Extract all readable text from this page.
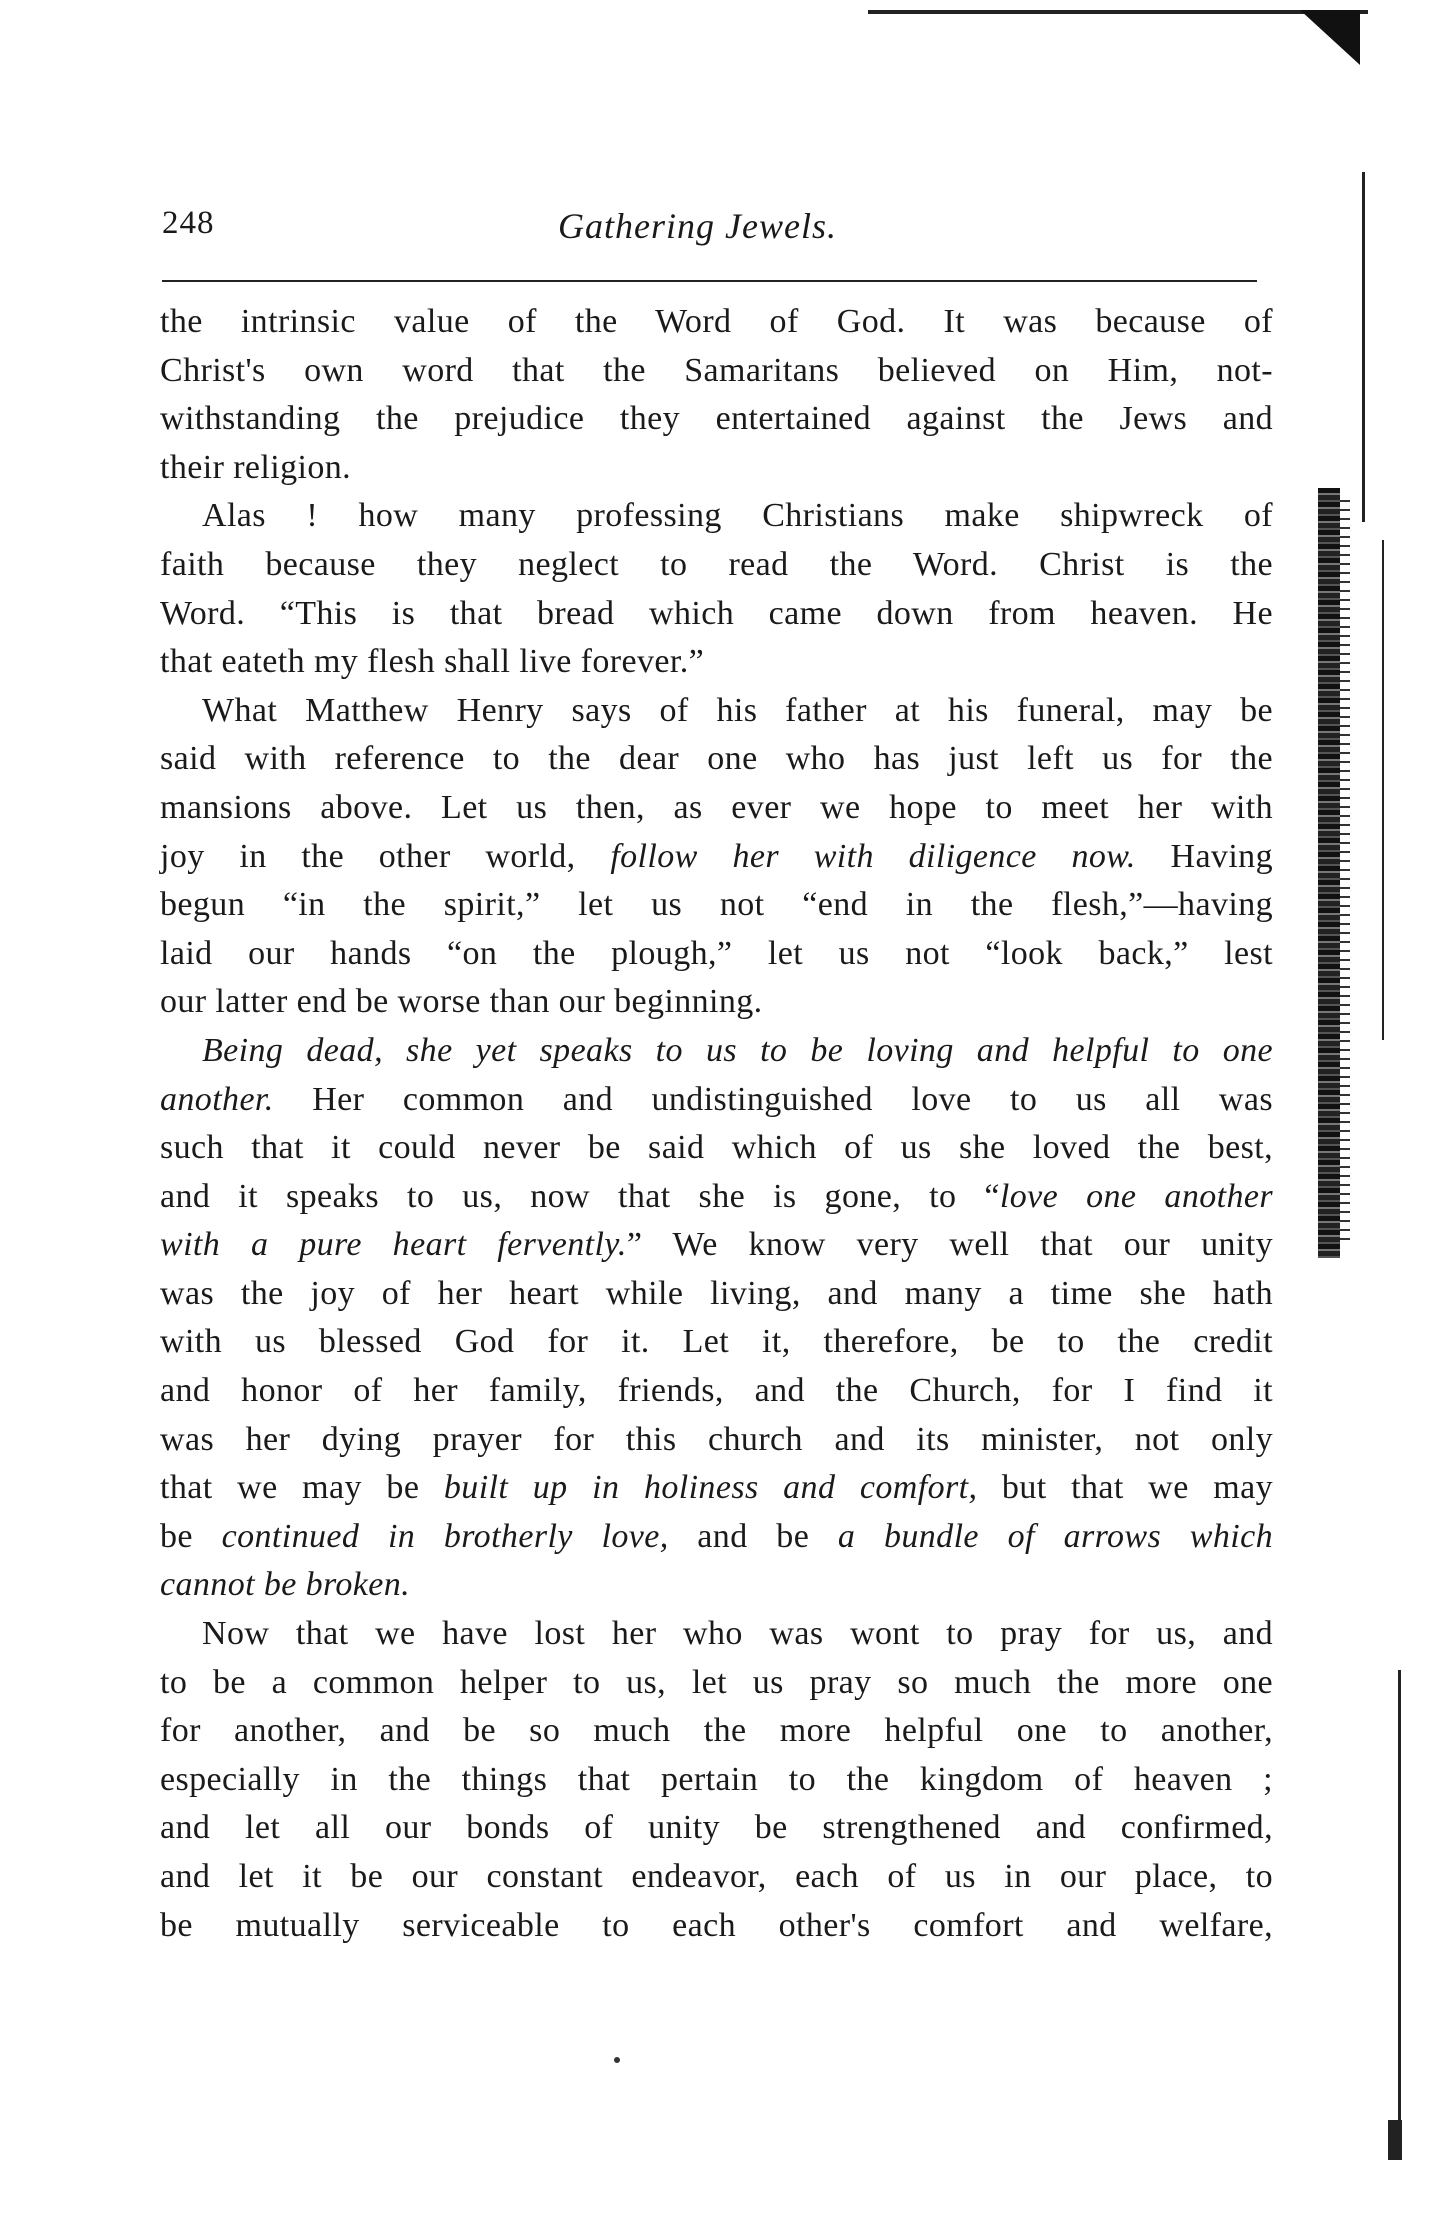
248	Gathering Jewels.
the intrinsic value of the Word of God. It was because of
Christ's own word that the Samaritans believed on Him, not-
withstanding the prejudice they entertained against the Jews and
their religion.
Alas ! how many professing Christians make shipwreck of
faith because they neglect to read the Word. Christ is the
Word. “This is that bread which came down from heaven. He
that eateth my flesh shall live forever.”
What Matthew Henry says of his father at his funeral, may be
said with reference to the dear one who has just left us for the
mansions above. Let us then, as ever we hope to meet her with
joy in the other world, follow her with diligence now. Having
begun “in the spirit,” let us not “end in the flesh,”—having
laid our hands “on the plough,” let us not “look back,” lest
our latter end be worse than our beginning.
Being dead, she yet speaks to us to be loving and helpful to one
another. Her common and undistinguished love to us all was
such that it could never be said which of us she loved the best,
and it speaks to us, now that she is gone, to “love one another
with a pure heart fervently.” We know very well that our unity
was the joy of her heart while living, and many a time she hath
with us blessed God for it. Let it, therefore, be to the credit
and honor of her family, friends, and the Church, for I find it
was her dying prayer for this church and its minister, not only
that we may be built up in holiness and comfort, but that we may
be continued in brotherly love, and be a bundle of arrows which
cannot be broken.
Now that we have lost her who was wont to pray for us, and
to be a common helper to us, let us pray so much the more one
for another, and be so much the more helpful one to another,
especially in the things that pertain to the kingdom of heaven ;
and let all our bonds of unity be strengthened and confirmed,
and let it be our constant endeavor, each of us in our place, to
be mutually serviceable to each other's comfort and welfare,
